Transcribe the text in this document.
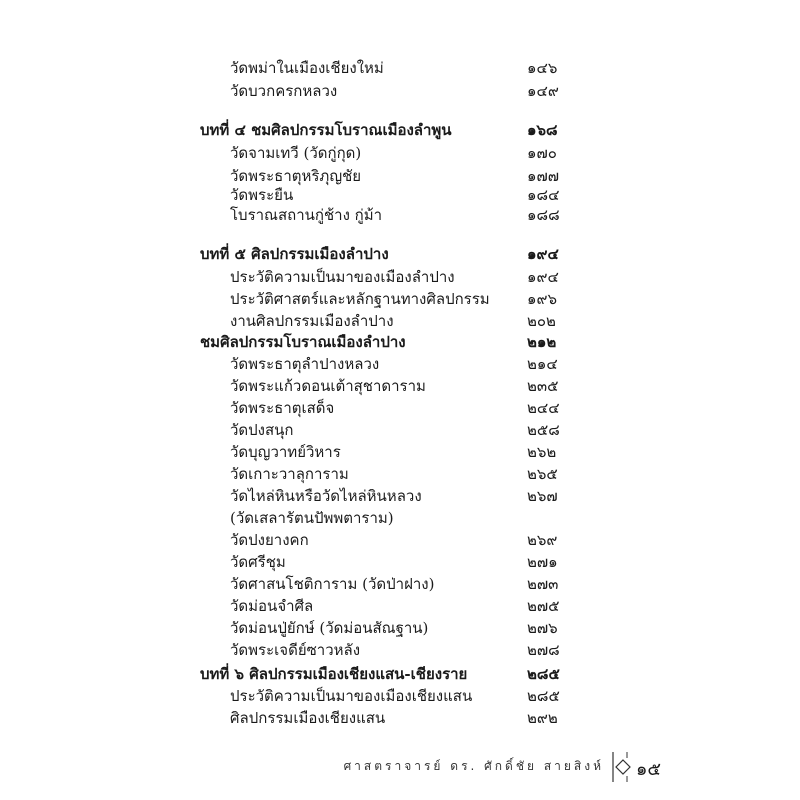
วัดพม่าในเมืองเชียงใหม่	๑๔๖
วัดบวกครกหลวง	๑๔๙
บทที่ ๔ ชมศิลปกรรมโบราณเมืองลำพูน	๑๖๘
วัดจามเทวี (วัดกู่กุด)	๑๗๐
วัดพระธาตุหริภุญชัย	๑๗๗
วัดพระยืน	๑๘๔
โบราณสถานกู่ช้าง กู่ม้า	๑๘๘
บทที่ ๕ ศิลปกรรมเมืองลำปาง	๑๙๔
ประวัติความเป็นมาของเมืองลำปาง	๑๙๔
ประวัติศาสตร์และหลักฐานทางศิลปกรรม ๑๙๖
งานศิลปกรรมเมืองลำปาง	๒๐๒
ชมศิลปกรรมโบราณเมืองลำปาง	๒๑๒
วัดพระธาตุลำปางหลวง	๒๑๔
วัดพระแก้วดอนเต้าสุชาดาราม	๒๓๕
วัดพระธาตุเสด็จ	๒๔๔
วัดปงสนุก	๒๕๘
วัดบุญวาทย์วิหาร	๒๖๒
วัดเกาะวาลุการาม	๒๖๕
วัดไหล่หินหรือวัดไหล่หินหลวง	๒๖๗
(วัดเสลารัตนปัพพตาราม)
วัดปงยางคก	๒๖๙
วัดศรีชุม	๒๗๑
วัดศาสนโชติการาม (วัดป่าฝาง)	๒๗๓
วัดม่อนจำศีล	๒๗๕
วัดม่อนปู่ยักษ์ (วัดม่อนสัณฐาน)	๒๗๖
วัดพระเจดีย์ซาวหลัง	๒๗๘
บทที่ ๖ ศิลปกรรมเมืองเชียงแสน-เชียงราย	๒๘๕
ประวัติความเป็นมาของเมืองเชียงแสน	๒๘๕
ศิลปกรรมเมืองเชียงแสน	๒๙๒
ศาสตราจารย์ ดร. ศักดิ์ชัย สายสิงห์ ๑๕
